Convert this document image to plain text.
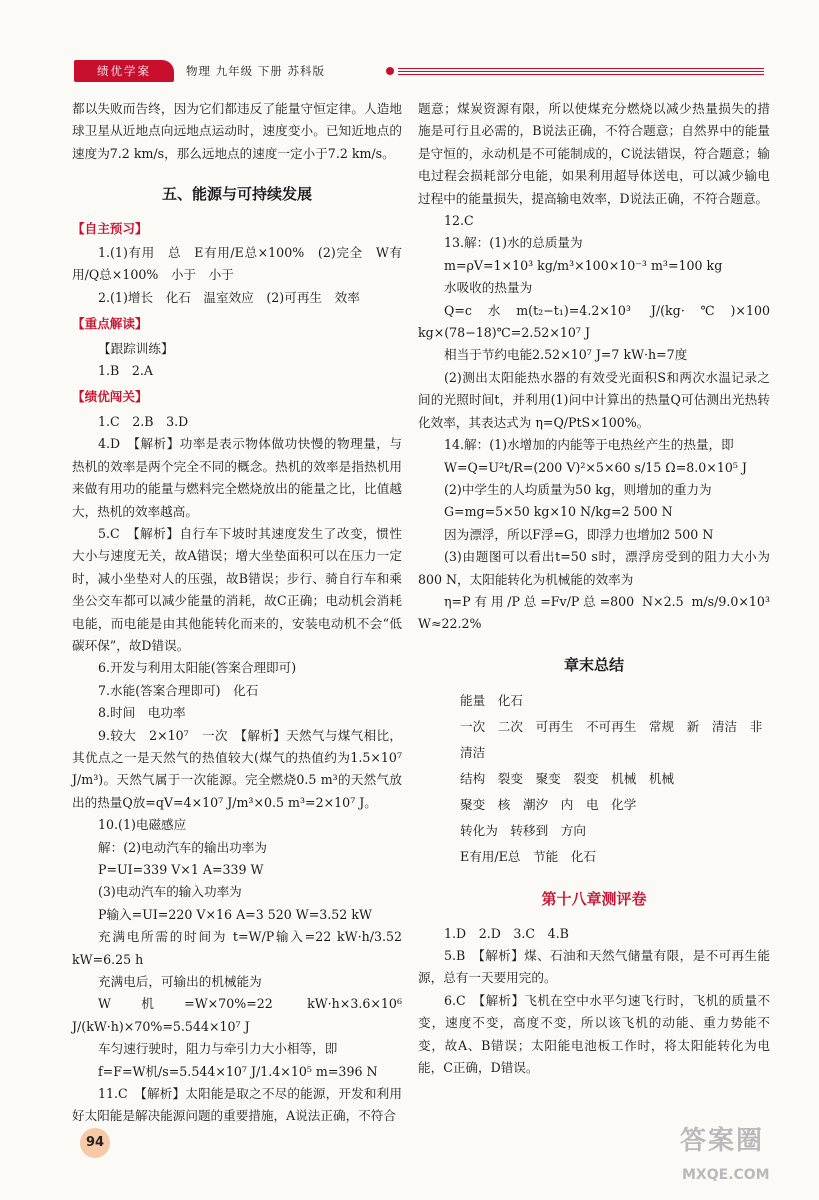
绩优学案	物理 九年级 下册 苏科版
都以失败而告终，因为它们都违反了能量守恒定律。人造地球卫星从近地点向远地点运动时，速度变小。已知近地点的速度为7.2 km/s，那么远地点的速度一定小于7.2 km/s。
五、能源与可持续发展
【自主预习】
1.(1)有用　总　E有用/E总×100%　(2)完全　W有用/Q总×100%　小于　小于
2.(1)增长　化石　温室效应　(2)可再生　效率
【重点解读】
【跟踪训练】
1.B　2.A
【绩优闯关】
1.C　2.B　3.D
4.D　【解析】功率是表示物体做功快慢的物理量，与热机的效率是两个完全不同的概念。热机的效率是指热机用来做有用功的能量与燃料完全燃烧放出的能量之比，比值越大，热机的效率越高。
5.C　【解析】自行车下坡时其速度发生了改变，惯性大小与速度无关，故A错误；增大坐垫面积可以在压力一定时，减小坐垫对人的压强，故B错误；步行、骑自行车和乘坐公交车都可以减少能量的消耗，故C正确；电动机会消耗电能，而电能是由其他能转化而来的，安装电动机不会“低碳环保”，故D错误。
6.开发与利用太阳能(答案合理即可)
7.水能(答案合理即可)　化石
8.时间　电功率
9.较大　2×10⁷　一次　【解析】天然气与煤气相比，其优点之一是天然气的热值较大(煤气的热值约为1.5×10⁷ J/m³)。天然气属于一次能源。完全燃烧0.5 m³的天然气放出的热量Q放=qV=4×10⁷ J/m³×0.5 m³=2×10⁷ J。
10.(1)电磁感应
解：(2)电动汽车的输出功率为
P=UI=339 V×1 A=339 W
(3)电动汽车的输入功率为
P输入=UI=220 V×16 A=3 520 W=3.52 kW
充满电所需的时间为 t=W/P输入=22 kW·h/3.52 kW=6.25 h
充满电后，可输出的机械能为
W机=W×70%=22 kW·h×3.6×10⁶ J/(kW·h)×70%=5.544×10⁷ J
车匀速行驶时，阻力与牵引力大小相等，即
f=F=W机/s=5.544×10⁷ J/1.4×10⁵ m=396 N
11.C　【解析】太阳能是取之不尽的能源，开发和利用好太阳能是解决能源问题的重要措施，A说法正确，不符合
题意；煤炭资源有限，所以使煤充分燃烧以减少热量损失的措施是可行且必需的，B说法正确，不符合题意；自然界中的能量是守恒的，永动机是不可能制成的，C说法错误，符合题意；输电过程会损耗部分电能，如果利用超导体送电，可以减少输电过程中的能量损失，提高输电效率，D说法正确，不符合题意。
12.C
13.解：(1)水的总质量为
m=ρV=1×10³ kg/m³×100×10⁻³ m³=100 kg
水吸收的热量为
Q=c水m(t₂−t₁)=4.2×10³ J/(kg·℃)×100 kg×(78−18)℃=2.52×10⁷ J
相当于节约电能2.52×10⁷ J=7 kW·h=7度
(2)测出太阳能热水器的有效受光面积S和两次水温记录之间的光照时间t，并利用(1)问中计算出的热量Q可估测出光热转化效率，其表达式为 η=Q/PtS×100%。
14.解：(1)水增加的内能等于电热丝产生的热量，即
W=Q=U²t/R=(200 V)²×5×60 s/15 Ω=8.0×10⁵ J
(2)中学生的人均质量为50 kg，则增加的重力为
G=mg=5×50 kg×10 N/kg=2 500 N
因为漂浮，所以F浮=G，即浮力也增加2 500 N
(3)由题图可以看出t=50 s时，漂浮房受到的阻力大小为800 N，太阳能转化为机械能的效率为
η=P有用/P总=Fv/P总=800 N×2.5 m/s/9.0×10³ W≈22.2%
章末总结
能量　化石
一次　二次　可再生　不可再生　常规　新　清洁　非清洁
结构　裂变　聚变　裂变　机械　机械
聚变　核　潮汐　内　电　化学
转化为　转移到　方向
E有用/E总　节能　化石
第十八章测评卷
1.D　2.D　3.C　4.B
5.B　【解析】煤、石油和天然气储量有限，是不可再生能源，总有一天要用完的。
6.C　【解析】飞机在空中水平匀速飞行时，飞机的质量不变，速度不变，高度不变，所以该飞机的动能、重力势能不变，故A、B错误；太阳能电池板工作时，将太阳能转化为电能，C正确，D错误。
94	答案圈
MXQE.COM
